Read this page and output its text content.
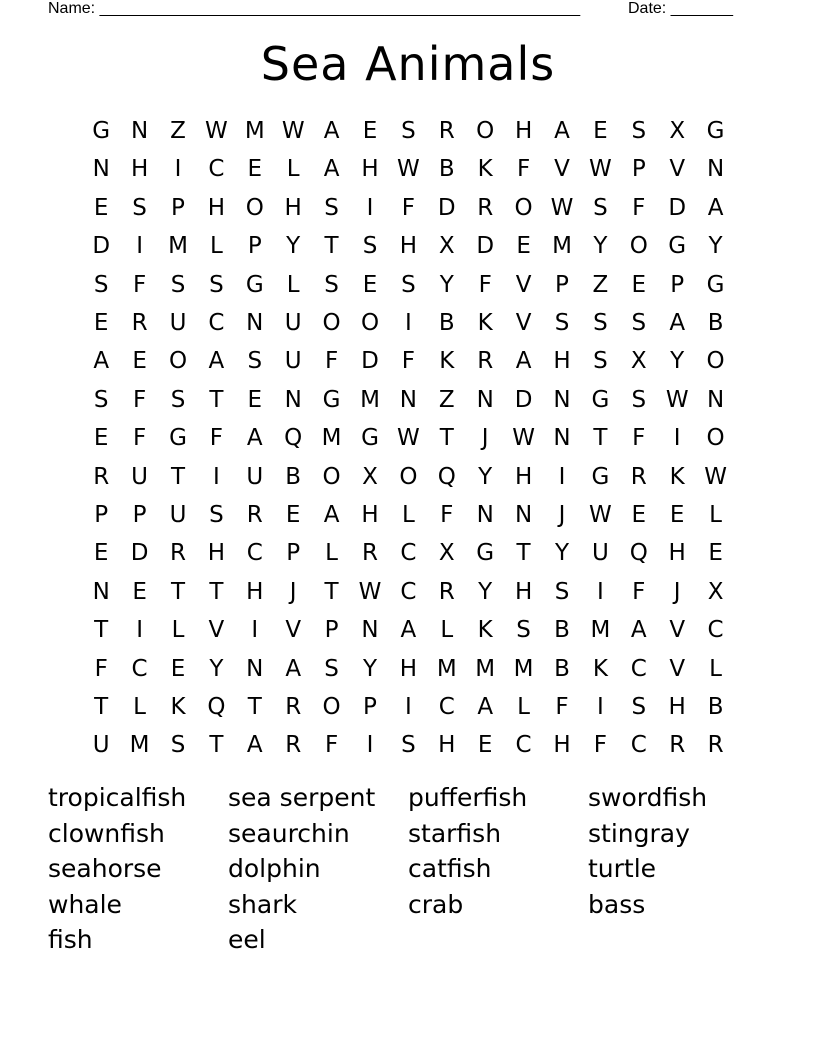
Name: ______________________________________________________	Date: _______
Sea Animals
G N Z W M W A	E	S	R O H A	E	S	X G
N H	I	C	E	L	A H W B K	F	V W P	V N
E	S	P H O H S	I	F D R O W S	F D A
D	I	M L	P	Y	T	S H X D E M Y O G Y
S	F	S	S G	L	S	E	S	Y	F	V	P	Z	E	P G
E	R U C N U O O	I	B K V	S	S	S	A B
A	E O A	S U	F D F	K R A H S	X	Y O
S	F	S	T	E N G M N Z N D N G S W N
E	F G F	A Q M G W T	J	W N T	F	I	O
R U T	I	U B O X O Q Y H	I	G R K W
P	P	U S	R	E	A H	L	F	N N	J	W E	E	L
E D R H C	P	L	R C X G T	Y U Q H E
N E	T	T H	J	T W C R	Y H S	I	F	J	X
T	I	L	V	I	V	P N A	L	K	S	B M A V C
F	C	E	Y N A	S	Y H M M M B K C V	L
T	L	K Q T	R O P	I	C A	L	F	I	S H B
U M S	T	A R	F	I	S H E	C H	F	C R R
tropicalfish
clownfish
seahorse
whale
fish
sea serpent
seaurchin
dolphin
shark
eel
pufferfish
starfish
catfish
crab
swordfish
stingray
turtle
bass
